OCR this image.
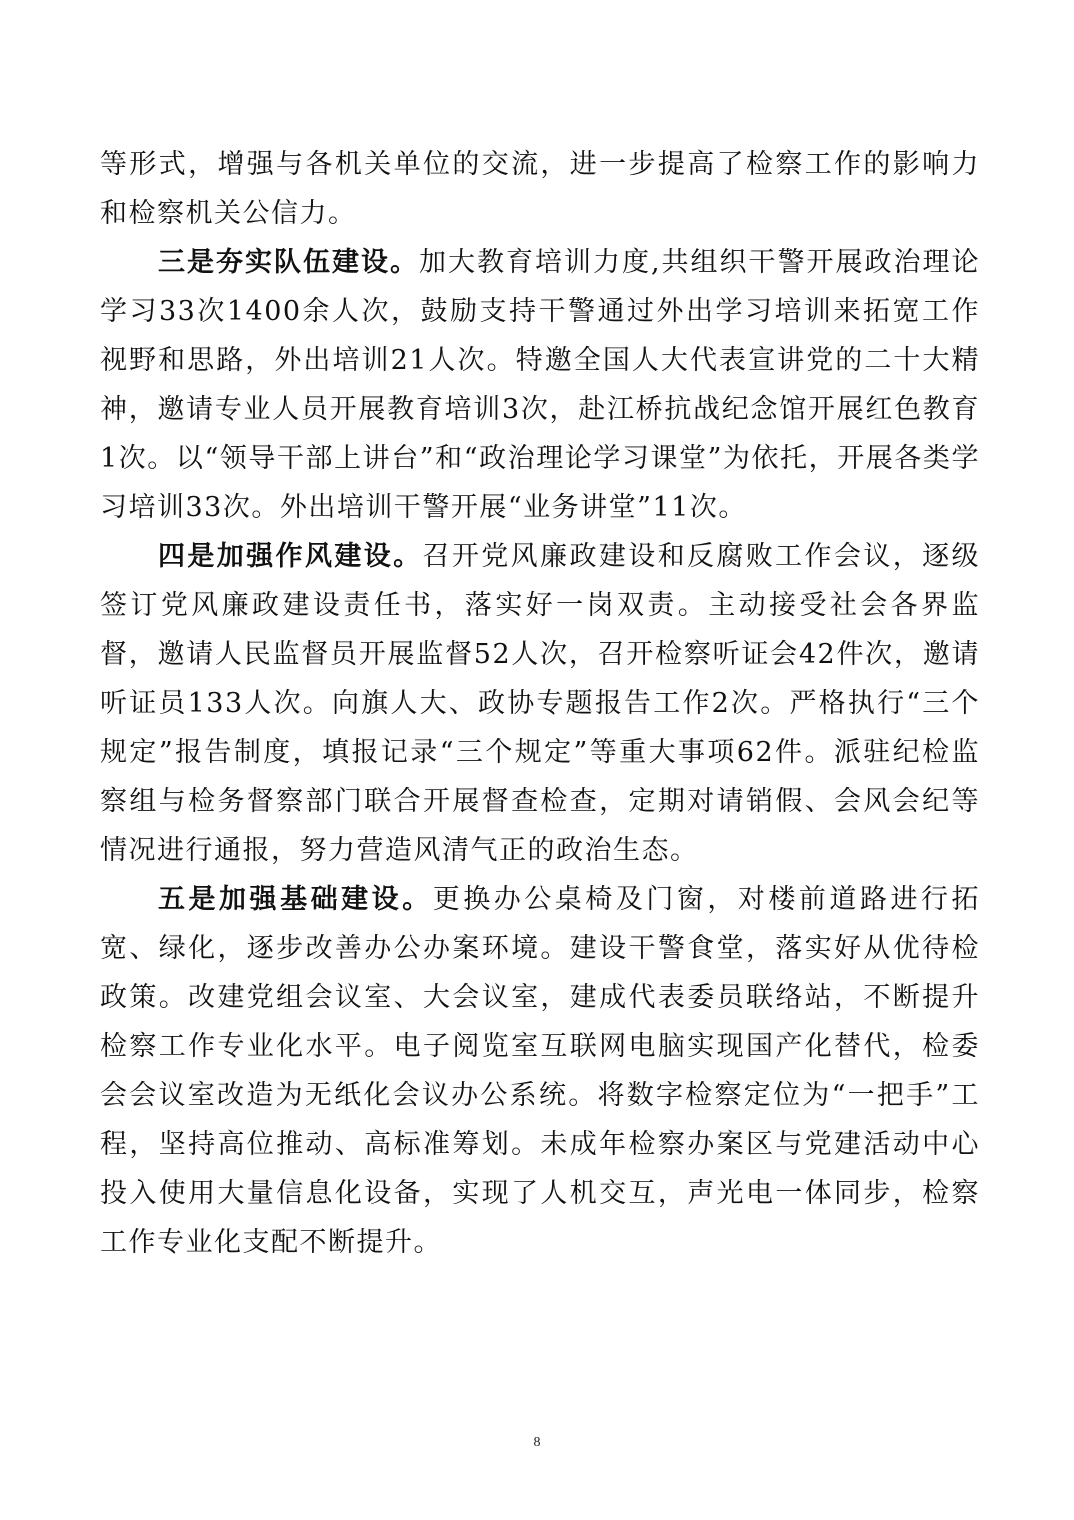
等形式，增强与各机关单位的交流，进一步提高了检察工作的影响力和检察机关公信力。

三是夯实队伍建设。加大教育培训力度,共组织干警开展政治理论学习33次1400余人次，鼓励支持干警通过外出学习培训来拓宽工作视野和思路，外出培训21人次。特邀全国人大代表宣讲党的二十大精神，邀请专业人员开展教育培训3次，赴江桥抗战纪念馆开展红色教育1次。以“领导干部上讲台”和“政治理论学习课堂”为依托，开展各类学习培训33次。外出培训干警开展“业务讲堂”11次。

四是加强作风建设。召开党风廉政建设和反腐败工作会议，逐级签订党风廉政建设责任书，落实好一岗双责。主动接受社会各界监督，邀请人民监督员开展监督52人次，召开检察听证会42件次，邀请听证员133人次。向旗人大、政协专题报告工作2次。严格执行“三个规定”报告制度，填报记录“三个规定”等重大事项62件。派驻纪检监察组与检务督察部门联合开展督查检查，定期对请销假、会风会纪等情况进行通报，努力营造风清气正的政治生态。

五是加强基础建设。更换办公桌椅及门窗，对楼前道路进行拓宽、绿化，逐步改善办公办案环境。建设干警食堂，落实好从优待检政策。改建党组会议室、大会议室，建成代表委员联络站，不断提升检察工作专业化水平。电子阅览室互联网电脑实现国产化替代，检委会会议室改造为无纸化会议办公系统。将数字检察定位为“一把手”工程，坚持高位推动、高标准筹划。未成年检察办案区与党建活动中心投入使用大量信息化设备，实现了人机交互，声光电一体同步，检察工作专业化支配不断提升。

8
